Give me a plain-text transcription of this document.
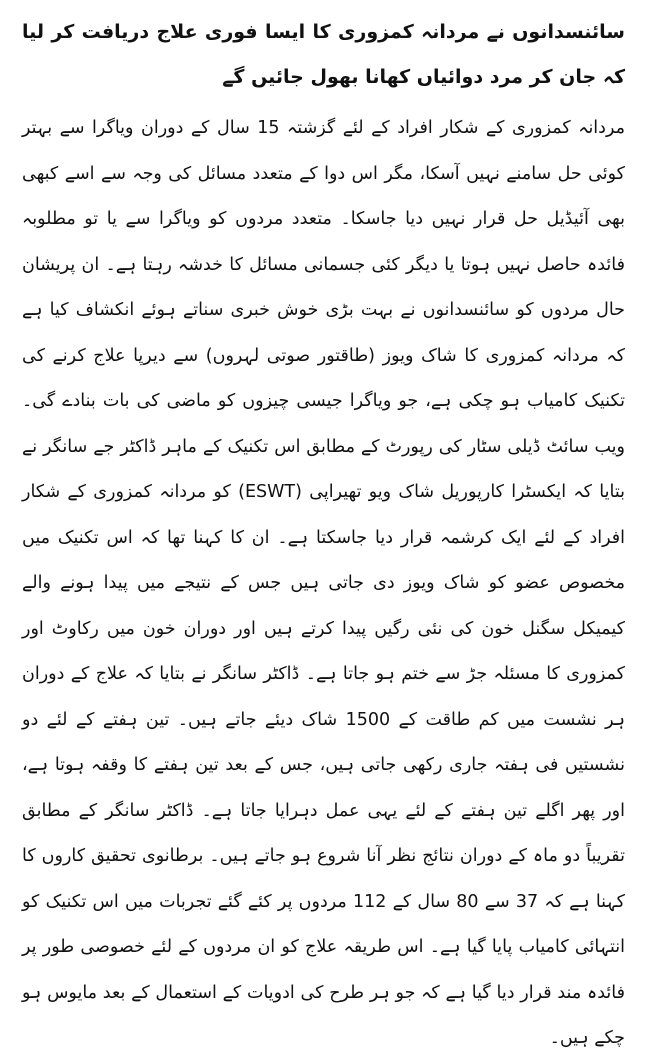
سائنسدانوں نے مردانہ کمزوری کا ایسا فوری علاج دریافت کر لیا کہ جان کر مرد دوائیاں کھانا بھول جائیں گے

مردانہ کمزوری کے شکار افراد کے لئے گزشتہ 15 سال کے دوران ویاگرا سے بہتر کوئی حل سامنے نہیں آسکا، مگر اس دوا کے متعدد مسائل کی وجہ سے اسے کبھی بھی آئیڈیل حل قرار نہیں دیا جاسکا۔ متعدد مردوں کو ویاگرا سے یا تو مطلوبہ فائدہ حاصل نہیں ہوتا یا دیگر کئی جسمانی مسائل کا خدشہ رہتا ہے۔ ان پریشان حال مردوں کو سائنسدانوں نے بہت بڑی خوش خبری سناتے ہوئے انکشاف کیا ہے کہ مردانہ کمزوری کا شاک ویوز (طاقتور صوتی لہروں) سے دیرپا علاج کرنے کی تکنیک کامیاب ہو چکی ہے، جو ویاگرا جیسی چیزوں کو ماضی کی بات بنادے گی۔ ویب سائٹ ڈیلی سٹار کی رپورٹ کے مطابق اس تکنیک کے ماہر ڈاکٹر جے سانگر نے بتایا کہ ایکسٹرا کارپوریل شاک ویو تھیراپی (ESWT) کو مردانہ کمزوری کے شکار افراد کے لئے ایک کرشمہ قرار دیا جاسکتا ہے۔ ان کا کہنا تھا کہ اس تکنیک میں مخصوص عضو کو شاک ویوز دی جاتی ہیں جس کے نتیجے میں پیدا ہونے والے کیمیکل سگنل خون کی نئی رگیں پیدا کرتے ہیں اور دوران خون میں رکاوٹ اور کمزوری کا مسئلہ جڑ سے ختم ہو جاتا ہے۔ ڈاکٹر سانگر نے بتایا کہ علاج کے دوران ہر نشست میں کم طاقت کے 1500 شاک دیئے جاتے ہیں۔ تین ہفتے کے لئے دو نشستیں فی ہفتہ جاری رکھی جاتی ہیں، جس کے بعد تین ہفتے کا وقفہ ہوتا ہے، اور پھر اگلے تین ہفتے کے لئے یہی عمل دہرایا جاتا ہے۔ ڈاکٹر سانگر کے مطابق تقریباً دو ماہ کے دوران نتائج نظر آنا شروع ہو جاتے ہیں۔ برطانوی تحقیق کاروں کا کہنا ہے کہ 37 سے 80 سال کے 112 مردوں پر کئے گئے تجربات میں اس تکنیک کو انتہائی کامیاب پایا گیا ہے۔ اس طریقہ علاج کو ان مردوں کے لئے خصوصی طور پر فائدہ مند قرار دیا گیا ہے کہ جو ہر طرح کی ادویات کے استعمال کے بعد مایوس ہو چکے ہیں۔
